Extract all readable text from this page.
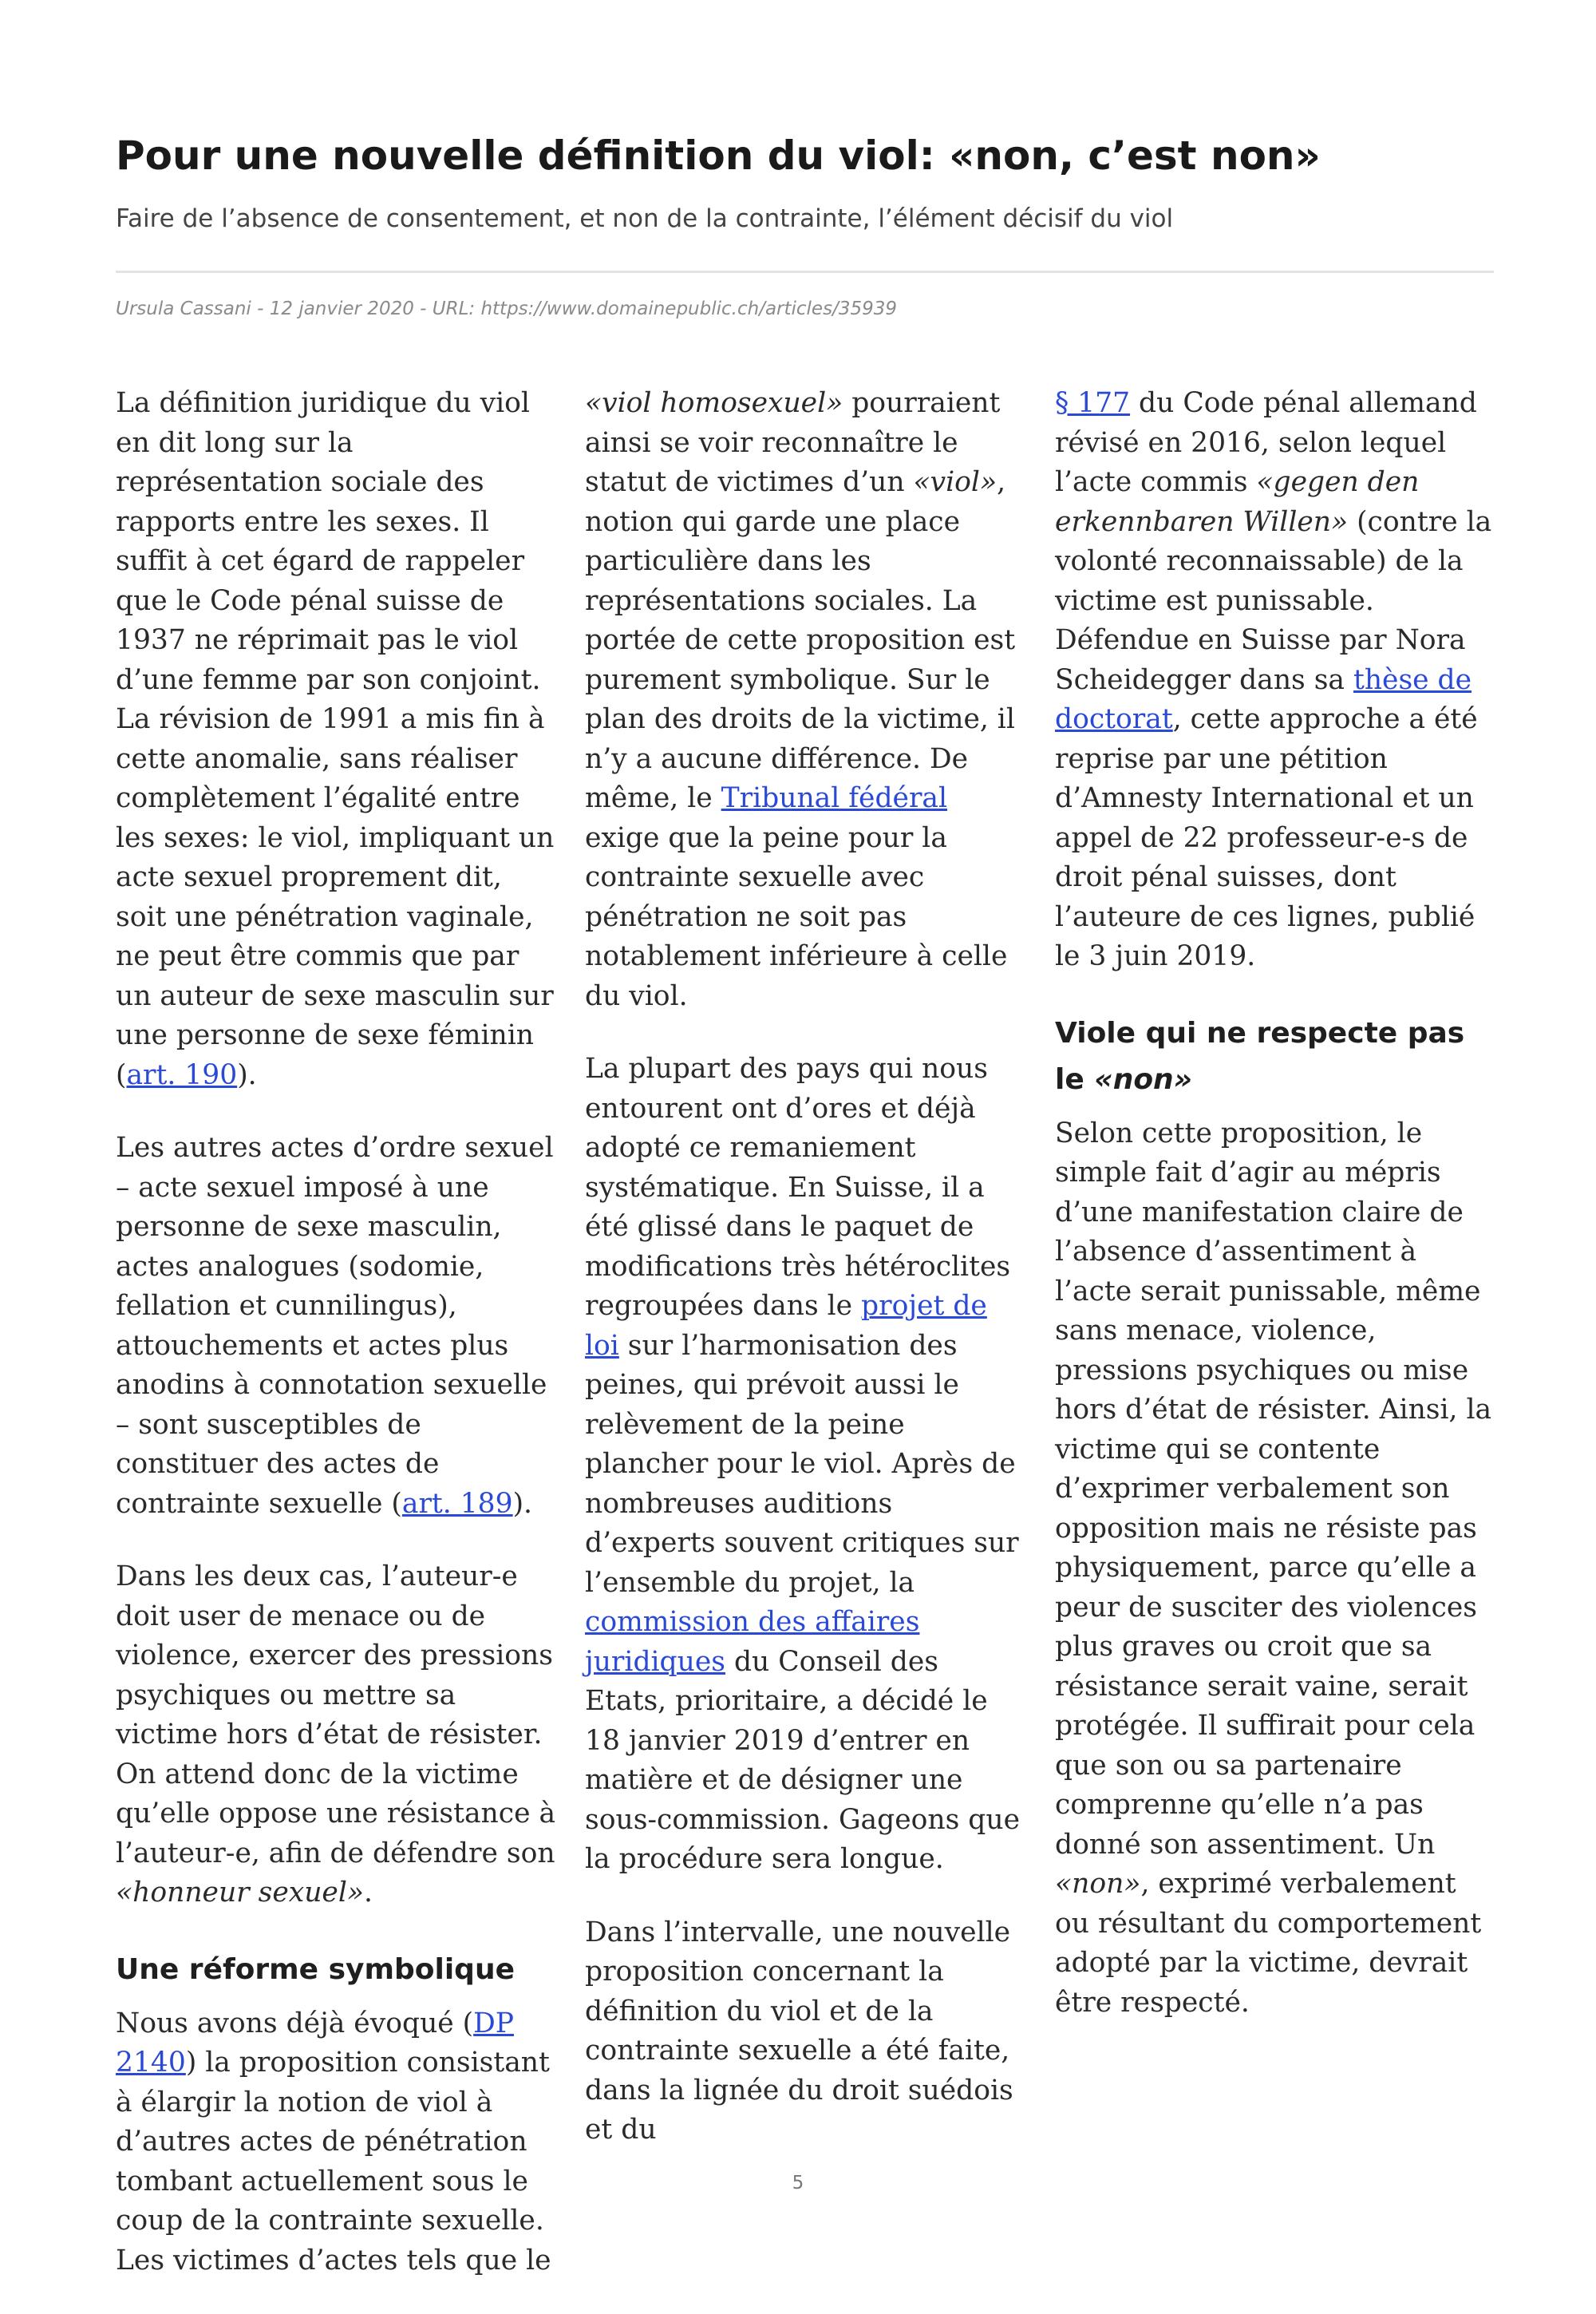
Pour une nouvelle définition du viol: «non, c’est non»
Faire de l’absence de consentement, et non de la contrainte, l’élément décisif du viol
Ursula Cassani - 12 janvier 2020 - URL: https://www.domainepublic.ch/articles/35939

La définition juridique du viol en dit long sur la représentation sociale des rapports entre les sexes. Il suffit à cet égard de rappeler que le Code pénal suisse de 1937 ne réprimait pas le viol d’une femme par son conjoint. La révision de 1991 a mis fin à cette anomalie, sans réaliser complètement l’égalité entre les sexes: le viol, impliquant un acte sexuel proprement dit, soit une pénétration vaginale, ne peut être commis que par un auteur de sexe masculin sur une personne de sexe féminin (art. 190).

Les autres actes d’ordre sexuel – acte sexuel imposé à une personne de sexe masculin, actes analogues (sodomie, fellation et cunnilingus), attouchements et actes plus anodins à connotation sexuelle – sont susceptibles de constituer des actes de contrainte sexuelle (art. 189).

Dans les deux cas, l’auteur-e doit user de menace ou de violence, exercer des pressions psychiques ou mettre sa victime hors d’état de résister. On attend donc de la victime qu’elle oppose une résistance à l’auteur-e, afin de défendre son «honneur sexuel».

Une réforme symbolique

Nous avons déjà évoqué (DP 2140) la proposition consistant à élargir la notion de viol à d’autres actes de pénétration tombant actuellement sous le coup de la contrainte sexuelle. Les victimes d’actes tels que le

«viol homosexuel» pourraient ainsi se voir reconnaître le statut de victimes d’un «viol», notion qui garde une place particulière dans les représentations sociales. La portée de cette proposition est purement symbolique. Sur le plan des droits de la victime, il n’y a aucune différence. De même, le Tribunal fédéral exige que la peine pour la contrainte sexuelle avec pénétration ne soit pas notablement inférieure à celle du viol.

La plupart des pays qui nous entourent ont d’ores et déjà adopté ce remaniement systématique. En Suisse, il a été glissé dans le paquet de modifications très hétéroclites regroupées dans le projet de loi sur l’harmonisation des peines, qui prévoit aussi le relèvement de la peine plancher pour le viol. Après de nombreuses auditions d’experts souvent critiques sur l’ensemble du projet, la commission des affaires juridiques du Conseil des Etats, prioritaire, a décidé le 18 janvier 2019 d’entrer en matière et de désigner une sous-commission. Gageons que la procédure sera longue.

Dans l’intervalle, une nouvelle proposition concernant la définition du viol et de la contrainte sexuelle a été faite, dans la lignée du droit suédois et du

§ 177 du Code pénal allemand révisé en 2016, selon lequel l’acte commis «gegen den erkennbaren Willen» (contre la volonté reconnaissable) de la victime est punissable. Défendue en Suisse par Nora Scheidegger dans sa thèse de doctorat, cette approche a été reprise par une pétition d’Amnesty International et un appel de 22 professeur-e-s de droit pénal suisses, dont l’auteure de ces lignes, publié le 3 juin 2019.

Viole qui ne respecte pas le «non»

Selon cette proposition, le simple fait d’agir au mépris d’une manifestation claire de l’absence d’assentiment à l’acte serait punissable, même sans menace, violence, pressions psychiques ou mise hors d’état de résister. Ainsi, la victime qui se contente d’exprimer verbalement son opposition mais ne résiste pas physiquement, parce qu’elle a peur de susciter des violences plus graves ou croit que sa résistance serait vaine, serait protégée. Il suffirait pour cela que son ou sa partenaire comprenne qu’elle n’a pas donné son assentiment. Un «non», exprimé verbalement ou résultant du comportement adopté par la victime, devrait être respecté.

5
